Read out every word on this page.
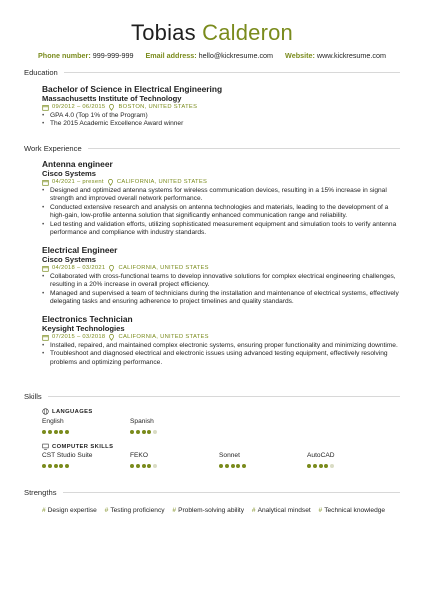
Tobias Calderon
Phone number: 999-999-999 Email address: hello@kickresume.com Website: www.kickresume.com
Education
Bachelor of Science in Electrical Engineering
Massachusetts Institute of Technology
09/2012 – 06/2015 BOSTON, UNITED STATES
• GPA 4.0 (Top 1% of the Program)
• The 2015 Academic Excellence Award winner
Work Experience
Antenna engineer
Cisco Systems
04/2021 – present CALIFORNIA, UNITED STATES
• Designed and optimized antenna systems for wireless communication devices, resulting in a 15% increase in signal strength and improved overall network performance.
• Conducted extensive research and analysis on antenna technologies and materials, leading to the development of a high-gain, low-profile antenna solution that significantly enhanced communication range and reliability.
• Led testing and validation efforts, utilizing sophisticated measurement equipment and simulation tools to verify antenna performance and compliance with industry standards.
Electrical Engineer
Cisco Systems
04/2018 – 03/2021 CALIFORNIA, UNITED STATES
• Collaborated with cross-functional teams to develop innovative solutions for complex electrical engineering challenges, resulting in a 20% increase in overall project efficiency.
• Managed and supervised a team of technicians during the installation and maintenance of electrical systems, effectively delegating tasks and ensuring adherence to project timelines and quality standards.
Electronics Technician
Keysight Technologies
07/2015 – 03/2018 CALIFORNIA, UNITED STATES
• Installed, repaired, and maintained complex electronic systems, ensuring proper functionality and minimizing downtime.
• Troubleshoot and diagnosed electrical and electronic issues using advanced testing equipment, effectively resolving problems and optimizing performance.
Skills
LANGUAGES
English	Spanish
COMPUTER SKILLS
CST Studio Suite	FEKO	Sonnet	AutoCAD
Strengths
# Design expertise # Testing proficiency # Problem-solving ability # Analytical mindset # Technical knowledge
